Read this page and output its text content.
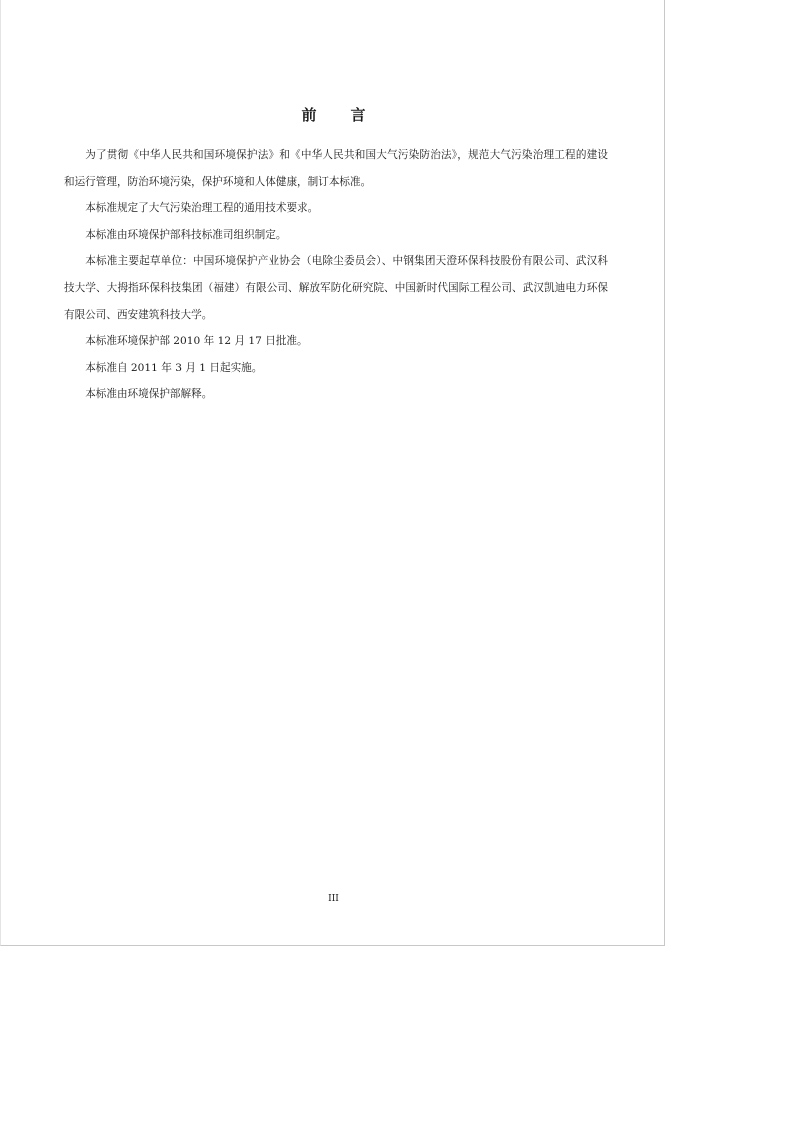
前言

为了贯彻《中华人民共和国环境保护法》和《中华人民共和国大气污染防治法》，规范大气污染治理工程的建设和运行管理，防治环境污染，保护环境和人体健康，制订本标准。

本标准规定了大气污染治理工程的通用技术要求。

本标准由环境保护部科技标准司组织制定。

本标准主要起草单位：中国环境保护产业协会（电除尘委员会）、中钢集团天澄环保科技股份有限公司、武汉科技大学、大拇指环保科技集团（福建）有限公司、解放军防化研究院、中国新时代国际工程公司、武汉凯迪电力环保有限公司、西安建筑科技大学。

本标准环境保护部 2010 年 12 月 17 日批准。

本标准自 2011 年 3 月 1 日起实施。

本标准由环境保护部解释。

III
